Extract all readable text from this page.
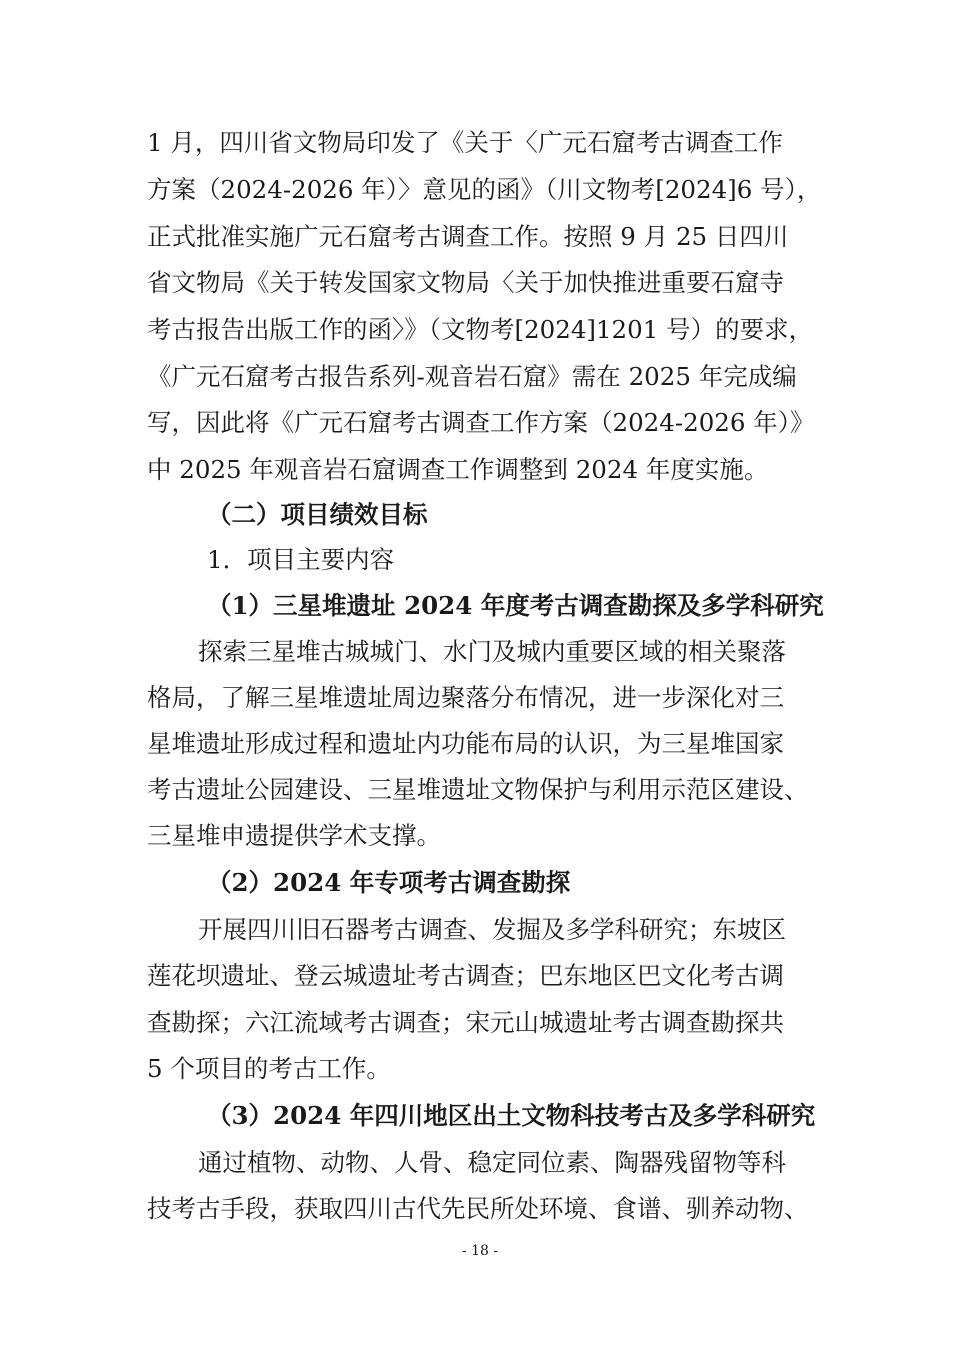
1 月，四川省文物局印发了《关于〈广元石窟考古调查工作
方案（2024-2026 年）〉意见的函》（川文物考[2024]6 号），
正式批准实施广元石窟考古调查工作。按照 9 月 25 日四川
省文物局《关于转发国家文物局〈关于加快推进重要石窟寺
考古报告出版工作的函〉》（文物考[2024]1201 号）的要求，
《广元石窟考古报告系列-观音岩石窟》需在 2025 年完成编
写，因此将《广元石窟考古调查工作方案（2024-2026 年）》
中 2025 年观音岩石窟调查工作调整到 2024 年度实施。
（二）项目绩效目标
1．项目主要内容
（1）三星堆遗址 2024 年度考古调查勘探及多学科研究
探索三星堆古城城门、水门及城内重要区域的相关聚落
格局，了解三星堆遗址周边聚落分布情况，进一步深化对三
星堆遗址形成过程和遗址内功能布局的认识，为三星堆国家
考古遗址公园建设、三星堆遗址文物保护与利用示范区建设、
三星堆申遗提供学术支撑。
（2）2024 年专项考古调查勘探
开展四川旧石器考古调查、发掘及多学科研究；东坡区
莲花坝遗址、登云城遗址考古调查；巴东地区巴文化考古调
查勘探；六江流域考古调查；宋元山城遗址考古调查勘探共
5 个项目的考古工作。
（3）2024 年四川地区出土文物科技考古及多学科研究
通过植物、动物、人骨、稳定同位素、陶器残留物等科
技考古手段，获取四川古代先民所处环境、食谱、驯养动物、
- 18 -
